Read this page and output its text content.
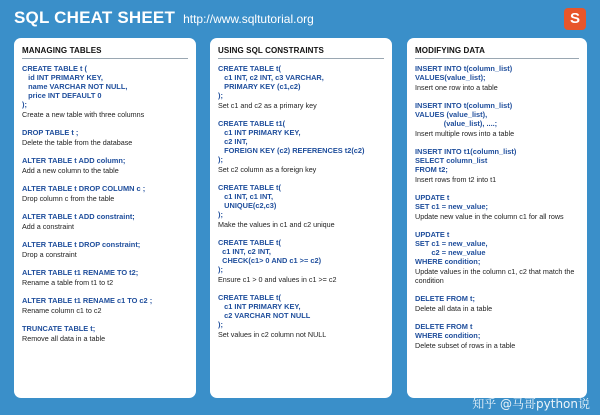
SQL CHEAT SHEET http://www.sqltutorial.org	S
MANAGING TABLES
CREATE TABLE t (
id INT PRIMARY KEY,
name VARCHAR NOT NULL,
price INT DEFAULT 0
);
Create a new table with three columns
DROP TABLE t ;
Delete the table from the database
ALTER TABLE t ADD column;
Add a new column to the table
ALTER TABLE t DROP COLUMN c ;
Drop column c from the table
ALTER TABLE t ADD constraint;
Add a constraint
ALTER TABLE t DROP constraint;
Drop a constraint
ALTER TABLE t1 RENAME TO t2;
Rename a table from t1 to t2
ALTER TABLE t1 RENAME c1 TO c2 ;
Rename column c1 to c2
TRUNCATE TABLE t;
Remove all data in a table
USING SQL CONSTRAINTS
CREATE TABLE t(
c1 INT, c2 INT, c3 VARCHAR,
PRIMARY KEY (c1,c2)
);
Set c1 and c2 as a primary key
CREATE TABLE t1(
c1 INT PRIMARY KEY,
c2 INT,
FOREIGN KEY (c2) REFERENCES t2(c2)
);
Set c2 column as a foreign key
CREATE TABLE t(
c1 INT, c1 INT,
UNIQUE(c2,c3)
);
Make the values in c1 and c2 unique
CREATE TABLE t(
c1 INT, c2 INT,
CHECK(c1> 0 AND c1 >= c2)
);
Ensure c1 > 0 and values in c1 >= c2
CREATE TABLE t(
c1 INT PRIMARY KEY,
c2 VARCHAR NOT NULL
);
Set values in c2 column not NULL
MODIFYING DATA
INSERT INTO t(column_list)
VALUES(value_list);
Insert one row into a table
INSERT INTO t(column_list)
VALUES (value_list),
(value_list), ....;
Insert multiple rows into a table
INSERT INTO t1(column_list)
SELECT column_list
FROM t2;
Insert rows from t2 into t1
UPDATE t
SET c1 = new_value;
Update new value in the column c1 for all rows
UPDATE t
SET c1 = new_value,
c2 = new_value
WHERE condition;
Update values in the column c1, c2 that match the condition
DELETE FROM t;
Delete all data in a table
DELETE FROM t
WHERE condition;
Delete subset of rows in a table
知乎 @马哥python说
